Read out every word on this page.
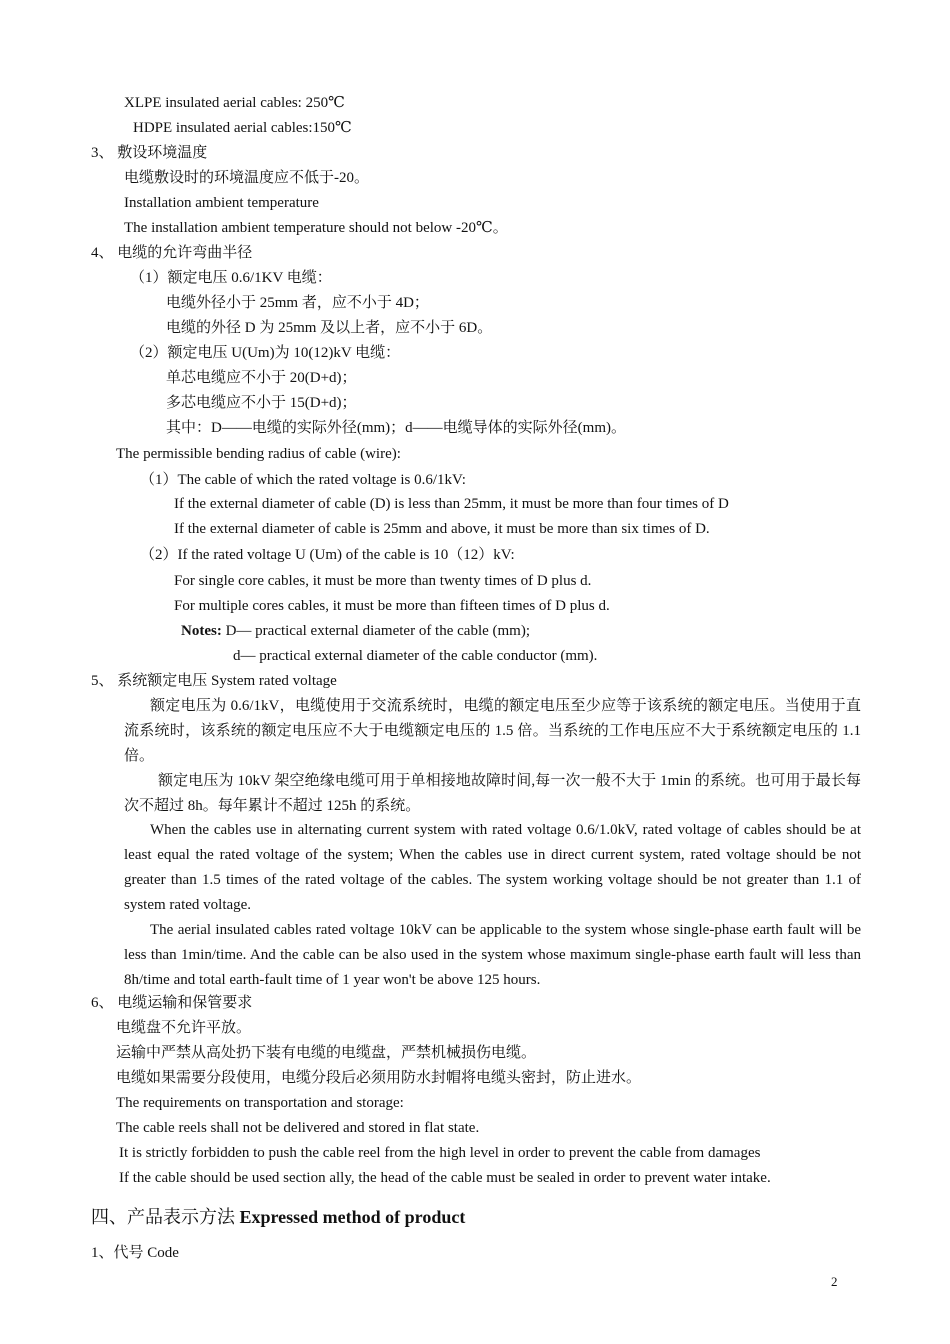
XLPE insulated aerial cables: 250℃
HDPE insulated aerial cables:150℃
3、 敷设环境温度
电缆敷设时的环境温度应不低于-20。
Installation ambient temperature
The installation ambient temperature should not below -20℃。
4、 电缆的允许弯曲半径
（1）额定电压 0.6/1KV 电缆：
电缆外径小于 25mm 者，应不小于 4D；
电缆的外径 D 为 25mm 及以上者，应不小于 6D。
（2）额定电压 U(Um)为 10(12)kV 电缆：
单芯电缆应不小于 20(D+d)；
多芯电缆应不小于 15(D+d)；
其中：D——电缆的实际外径(mm)；d——电缆导体的实际外径(mm)。
The permissible bending radius of cable (wire):
（1）The cable of which the rated voltage is 0.6/1kV:
If the external diameter of cable (D) is less than 25mm, it must be more than four times of D
If the external diameter of cable is 25mm and above, it must be more than six times of D.
（2）If the rated voltage U (Um) of the cable is 10（12）kV:
For single core cables, it must be more than twenty times of D plus d.
For multiple cores cables, it must be more than fifteen times of D plus d.
Notes: D— practical external diameter of the cable (mm);
d— practical external diameter of the cable conductor (mm).
5、 系统额定电压 System rated voltage
额定电压为 0.6/1kV，电缆使用于交流系统时，电缆的额定电压至少应等于该系统的额定电压。当使用于直流系统时，该系统的额定电压应不大于电缆额定电压的 1.5 倍。当系统的工作电压应不大于系统额定电压的 1.1 倍。
额定电压为 10kV 架空绝缘电缆可用于单相接地故障时间,每一次一般不大于 1min 的系统。也可用于最长每次不超过 8h。每年累计不超过 125h 的系统。
When the cables use in alternating current system with rated voltage 0.6/1.0kV, rated voltage of cables should be at least equal the rated voltage of the system; When the cables use in direct current system, rated voltage should be not greater than 1.5 times of the rated voltage of the cables. The system working voltage should be not greater than 1.1 of system rated voltage.
The aerial insulated cables rated voltage 10kV can be applicable to the system whose single-phase earth fault will be less than 1min/time. And the cable can be also used in the system whose maximum single-phase earth fault will less than 8h/time and total earth-fault time of 1 year won't be above 125 hours.
6、 电缆运输和保管要求
电缆盘不允许平放。
运输中严禁从高处扔下装有电缆的电缆盘，严禁机械损伤电缆。
电缆如果需要分段使用，电缆分段后必须用防水封帽将电缆头密封，防止进水。
The requirements on transportation and storage:
The cable reels shall not be delivered and stored in flat state.
It is strictly forbidden to push the cable reel from the high level in order to prevent the cable from damages
If the cable should be used section ally, the head of the cable must be sealed in order to prevent water intake.
四、产品表示方法 Expressed method of product
1、代号 Code
2
